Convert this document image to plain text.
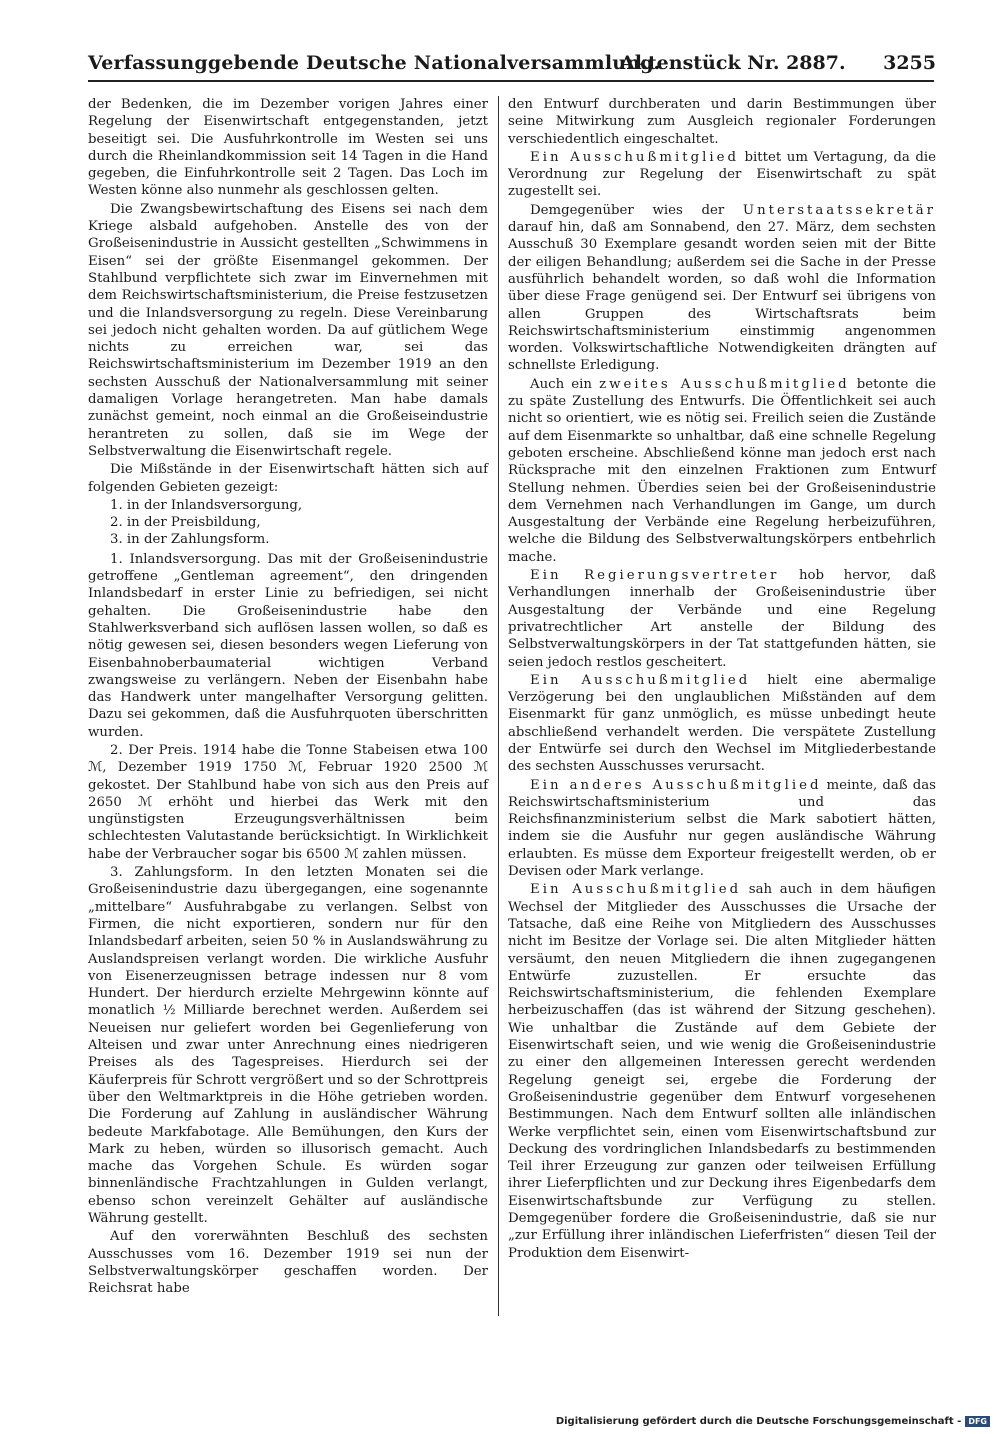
Verfassunggebende Deutsche Nationalversammlung.
Aktenstück Nr. 2887. 3255

der Bedenken, die im Dezember vorigen Jahres einer Regelung der Eisenwirtschaft entgegenstanden, jetzt beseitigt sei. Die Ausfuhrkontrolle im Westen sei uns durch die Rheinlandkommission seit 14 Tagen in die Hand gegeben, die Einfuhrkontrolle seit 2 Tagen. Das Loch im Westen könne also nunmehr als geschlossen gelten.

Die Zwangsbewirtschaftung des Eisens sei nach dem Kriege alsbald aufgehoben. Anstelle des von der Großeisenindustrie in Aussicht gestellten „Schwimmens in Eisen“ sei der größte Eisenmangel gekommen. Der Stahlbund verpflichtete sich zwar im Einvernehmen mit dem Reichswirtschaftsministerium, die Preise festzusetzen und die Inlandsversorgung zu regeln. Diese Vereinbarung sei jedoch nicht gehalten worden. Da auf gütlichem Wege nichts zu erreichen war, sei das Reichswirtschaftsministerium im Dezember 1919 an den sechsten Ausschuß der Nationalversammlung mit seiner damaligen Vorlage herangetreten. Man habe damals zunächst gemeint, noch einmal an die Großeiseindustrie herantreten zu sollen, daß sie im Wege der Selbstverwaltung die Eisenwirtschaft regele.

Die Mißstände in der Eisenwirtschaft hätten sich auf folgenden Gebieten gezeigt:

1. in der Inlandsversorgung,
2. in der Preisbildung,
3. in der Zahlungsform.

1. Inlandsversorgung. Das mit der Großeisenindustrie getroffene „Gentleman agreement“, den dringenden Inlandsbedarf in erster Linie zu befriedigen, sei nicht gehalten. Die Großeisenindustrie habe den Stahlwerksverband sich auflösen lassen wollen, so daß es nötig gewesen sei, diesen besonders wegen Lieferung von Eisenbahnoberbaumaterial wichtigen Verband zwangsweise zu verlängern. Neben der Eisenbahn habe das Handwerk unter mangelhafter Versorgung gelitten. Dazu sei gekommen, daß die Ausfuhrquoten überschritten wurden.

2. Der Preis. 1914 habe die Tonne Stabeisen etwa 100 ℳ, Dezember 1919 1750 ℳ, Februar 1920 2500 ℳ gekostet. Der Stahlbund habe von sich aus den Preis auf 2650 ℳ erhöht und hierbei das Werk mit den ungünstigsten Erzeugungsverhältnissen beim schlechtesten Valutastande berücksichtigt. In Wirklichkeit habe der Verbraucher sogar bis 6500 ℳ zahlen müssen.

3. Zahlungsform. In den letzten Monaten sei die Großeisenindustrie dazu übergegangen, eine sogenannte „mittelbare“ Ausfuhrabgabe zu verlangen. Selbst von Firmen, die nicht exportieren, sondern nur für den Inlandsbedarf arbeiten, seien 50 % in Auslandswährung zu Auslandspreisen verlangt worden. Die wirkliche Ausfuhr von Eisenerzeugnissen betrage indessen nur 8 vom Hundert. Der hierdurch erzielte Mehrgewinn könnte auf monatlich ½ Milliarde berechnet werden. Außerdem sei Neueisen nur geliefert worden bei Gegenlieferung von Alteisen und zwar unter Anrechnung eines niedrigeren Preises als des Tagespreises. Hierdurch sei der Käuferpreis für Schrott vergrößert und so der Schrottpreis über den Weltmarktpreis in die Höhe getrieben worden. Die Forderung auf Zahlung in ausländischer Währung bedeute Markfabotage. Alle Bemühungen, den Kurs der Mark zu heben, würden so illusorisch gemacht. Auch mache das Vorgehen Schule. Es würden sogar binnenländische Frachtzahlungen in Gulden verlangt, ebenso schon vereinzelt Gehälter auf ausländische Währung gestellt.

Auf den vorerwähnten Beschluß des sechsten Ausschusses vom 16. Dezember 1919 sei nun der Selbstverwaltungskörper geschaffen worden. Der Reichsrat habe

den Entwurf durchberaten und darin Bestimmungen über seine Mitwirkung zum Ausgleich regionaler Forderungen verschiedentlich eingeschaltet.

Ein Ausschußmitglied bittet um Vertagung, da die Verordnung zur Regelung der Eisenwirtschaft zu spät zugestellt sei.

Demgegenüber wies der Unterstaatssekretär darauf hin, daß am Sonnabend, den 27. März, dem sechsten Ausschuß 30 Exemplare gesandt worden seien mit der Bitte der eiligen Behandlung; außerdem sei die Sache in der Presse ausführlich behandelt worden, so daß wohl die Information über diese Frage genügend sei. Der Entwurf sei übrigens von allen Gruppen des Wirtschaftsrats beim Reichswirtschaftsministerium einstimmig angenommen worden. Volkswirtschaftliche Notwendigkeiten drängten auf schnellste Erledigung.

Auch ein zweites Ausschußmitglied betonte die zu späte Zustellung des Entwurfs. Die Öffentlichkeit sei auch nicht so orientiert, wie es nötig sei. Freilich seien die Zustände auf dem Eisenmarkte so unhaltbar, daß eine schnelle Regelung geboten erscheine. Abschließend könne man jedoch erst nach Rücksprache mit den einzelnen Fraktionen zum Entwurf Stellung nehmen. Überdies seien bei der Großeisenindustrie dem Vernehmen nach Verhandlungen im Gange, um durch Ausgestaltung der Verbände eine Regelung herbeizuführen, welche die Bildung des Selbstverwaltungskörpers entbehrlich mache.

Ein Regierungsvertreter hob hervor, daß Verhandlungen innerhalb der Großeisenindustrie über Ausgestaltung der Verbände und eine Regelung privatrechtlicher Art anstelle der Bildung des Selbstverwaltungskörpers in der Tat stattgefunden hätten, sie seien jedoch restlos gescheitert.

Ein Ausschußmitglied hielt eine abermalige Verzögerung bei den unglaublichen Mißständen auf dem Eisenmarkt für ganz unmöglich, es müsse unbedingt heute abschließend verhandelt werden. Die verspätete Zustellung der Entwürfe sei durch den Wechsel im Mitgliederbestande des sechsten Ausschusses verursacht.

Ein anderes Ausschußmitglied meinte, daß das Reichswirtschaftsministerium und das Reichsfinanzministerium selbst die Mark sabotiert hätten, indem sie die Ausfuhr nur gegen ausländische Währung erlaubten. Es müsse dem Exporteur freigestellt werden, ob er Devisen oder Mark verlange.

Ein Ausschußmitglied sah auch in dem häufigen Wechsel der Mitglieder des Ausschusses die Ursache der Tatsache, daß eine Reihe von Mitgliedern des Ausschusses nicht im Besitze der Vorlage sei. Die alten Mitglieder hätten versäumt, den neuen Mitgliedern die ihnen zugegangenen Entwürfe zuzustellen. Er ersuchte das Reichswirtschaftsministerium, die fehlenden Exemplare herbeizuschaffen (das ist während der Sitzung geschehen). Wie unhaltbar die Zustände auf dem Gebiete der Eisenwirtschaft seien, und wie wenig die Großeisenindustrie zu einer den allgemeinen Interessen gerecht werdenden Regelung geneigt sei, ergebe die Forderung der Großeisenindustrie gegenüber dem Entwurf vorgesehenen Bestimmungen. Nach dem Entwurf sollten alle inländischen Werke verpflichtet sein, einen vom Eisenwirtschaftsbund zur Deckung des vordringlichen Inlandsbedarfs zu bestimmenden Teil ihrer Erzeugung zur ganzen oder teilweisen Erfüllung ihrer Lieferpflichten und zur Deckung ihres Eigenbedarfs dem Eisenwirtschaftsbunde zur Verfügung zu stellen. Demgegenüber fordere die Großeisenindustrie, daß sie nur „zur Erfüllung ihrer inländischen Lieferfristen“ diesen Teil der Produktion dem Eisenwirt-

Digitalisierung gefördert durch die Deutsche Forschungsgemeinschaft - DFG
